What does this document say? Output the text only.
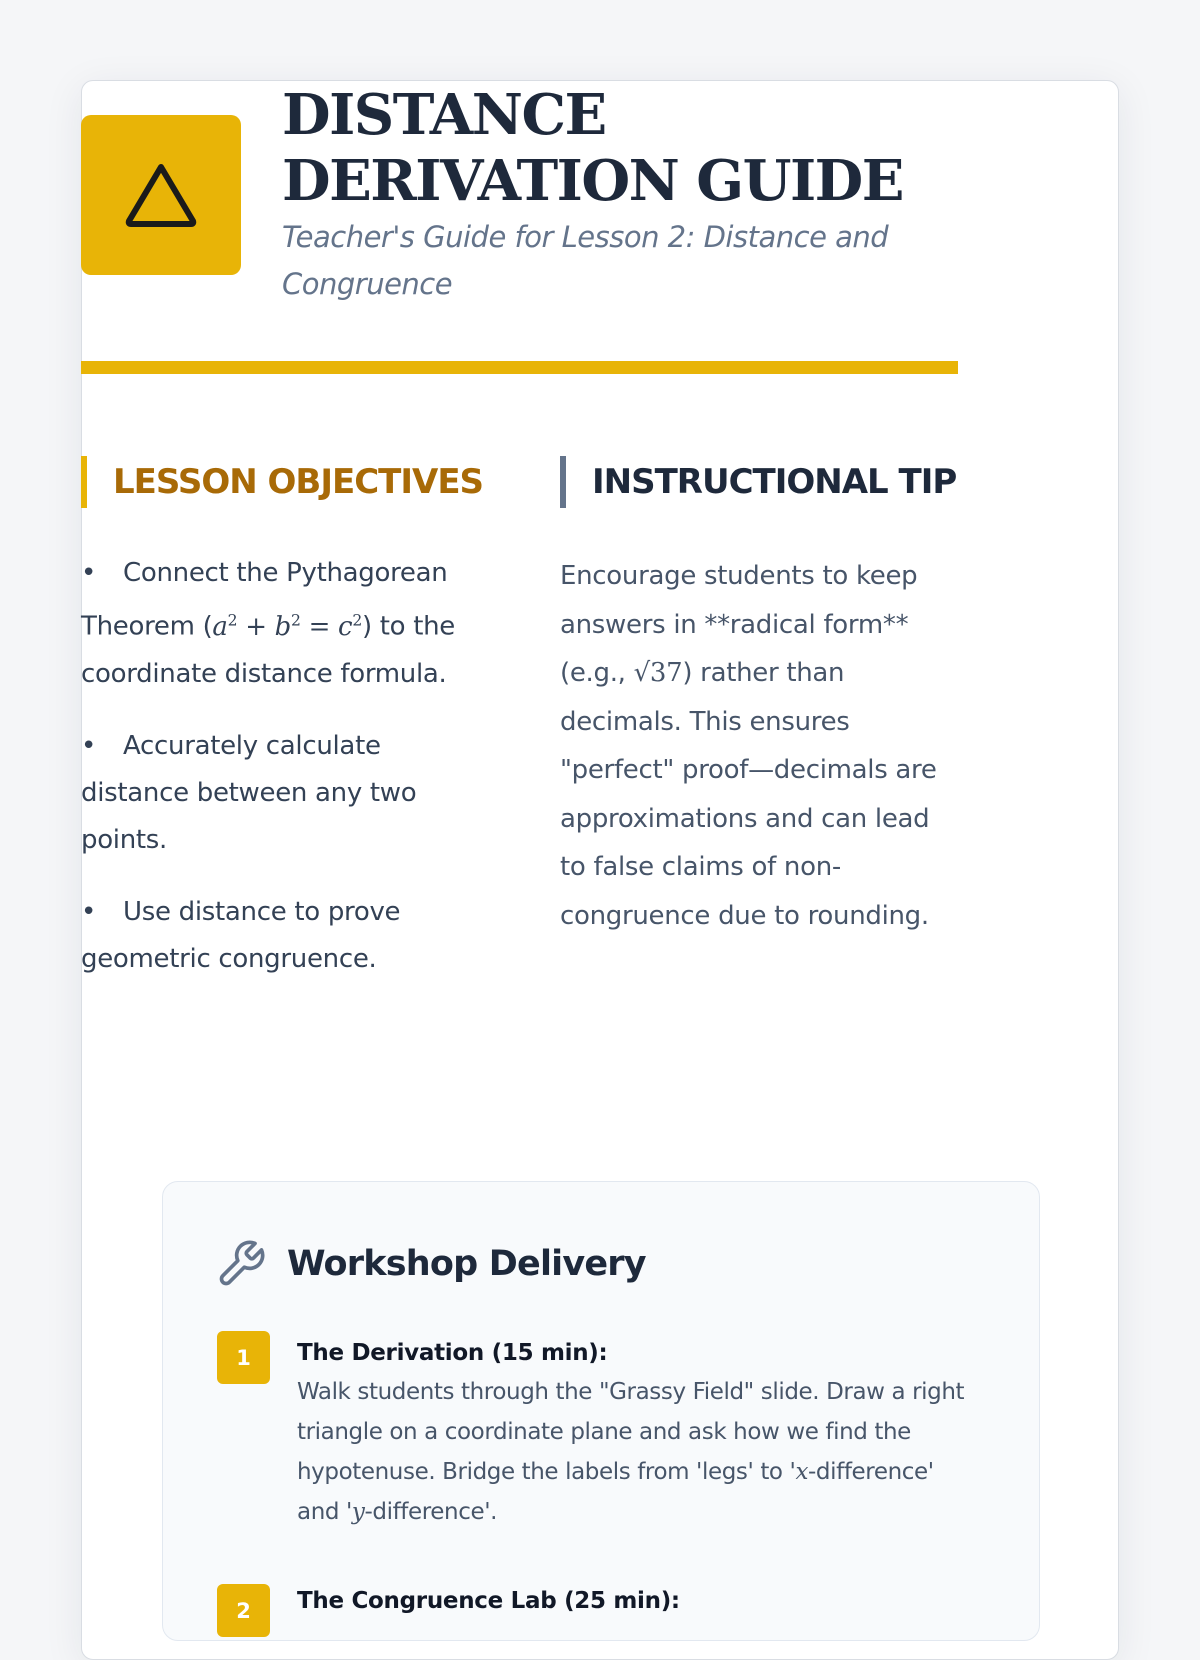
DISTANCE DERIVATION GUIDE

Teacher's Guide for Lesson 2: Distance and Congruence

LESSON OBJECTIVES	INSTRUCTIONAL TIP
• Connect the Pythagorean Theorem $(a^2 + b^2 = c^2)$ to the coordinate distance formula.
• Accurately calculate distance between any two points.
• Use distance to prove geometric congruence.

Encourage students to keep answers in **radical form** (e.g., √37) rather than decimals. This ensures "perfect" proof—decimals are approximations and can lead to false claims of non-congruence due to rounding.

Workshop Delivery
1	The Derivation (15 min):

Walk students through the "Grassy Field" slide. Draw a right triangle on a coordinate plane and ask how we find the hypotenuse. Bridge the labels from 'legs' to 'x-difference' and 'y-difference'.

2	The Congruence Lab (25 min):
